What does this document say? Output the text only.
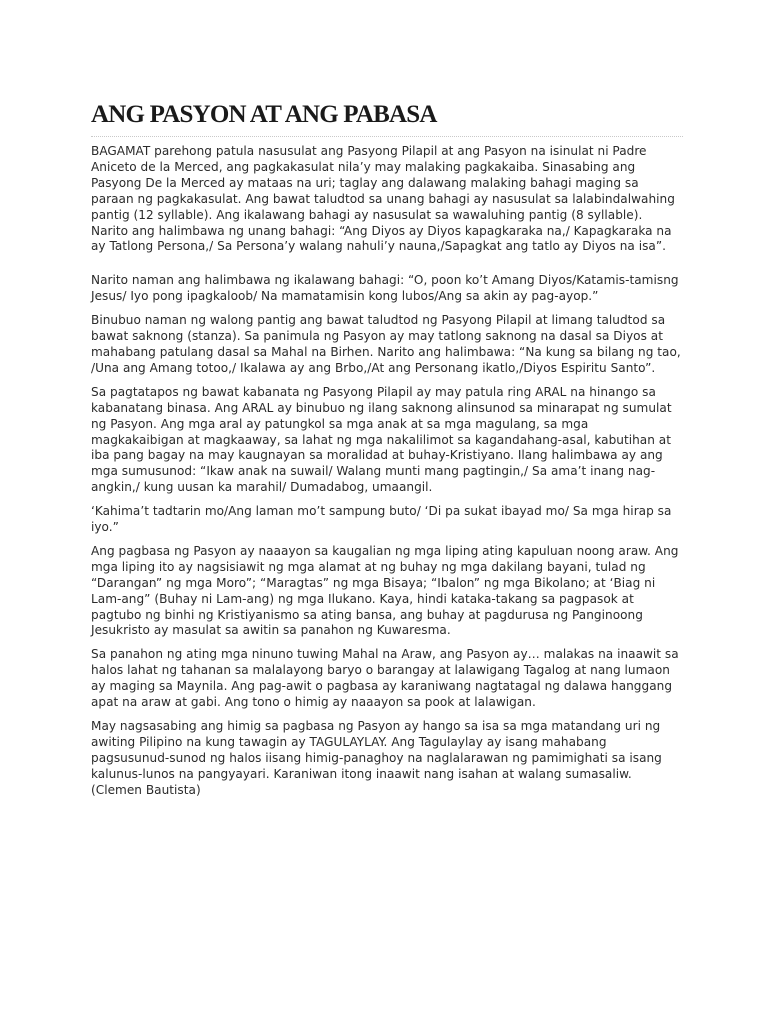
ANG PASYON AT ANG PABASA

BAGAMAT parehong patula nasusulat ang Pasyong Pilapil at ang Pasyon na isinulat ni Padre Aniceto de la Merced, ang pagkakasulat nila’y may malaking pagkakaiba. Sinasabing ang Pasyong De la Merced ay mataas na uri; taglay ang dalawang malaking bahagi maging sa paraan ng pagkakasulat. Ang bawat taludtod sa unang bahagi ay nasusulat sa lalabindalwahing pantig (12 syllable). Ang ikalawang bahagi ay nasusulat sa wawaluhing pantig (8 syllable). Narito ang halimbawa ng unang bahagi: “Ang Diyos ay Diyos kapagkaraka na,/ Kapagkaraka na ay Tatlong Persona,/ Sa Persona’y walang nahuli’y nauna,/Sapagkat ang tatlo ay Diyos na isa”.

Narito naman ang halimbawa ng ikalawang bahagi: “O, poon ko’t Amang Diyos/Katamis-tamisng Jesus/ Iyo pong ipagkaloob/ Na mamatamisin kong lubos/Ang sa akin ay pag-ayop.”

Binubuo naman ng walong pantig ang bawat taludtod ng Pasyong Pilapil at limang taludtod sa bawat saknong (stanza). Sa panimula ng Pasyon ay may tatlong saknong na dasal sa Diyos at mahabang patulang dasal sa Mahal na Birhen. Narito ang halimbawa: “Na kung sa bilang ng tao, /Una ang Amang totoo,/ Ikalawa ay ang Brbo,/At ang Personang ikatlo,/Diyos Espiritu Santo”.

Sa pagtatapos ng bawat kabanata ng Pasyong Pilapil ay may patula ring ARAL na hinango sa kabanatang binasa. Ang ARAL ay binubuo ng ilang saknong alinsunod sa minarapat ng sumulat ng Pasyon. Ang mga aral ay patungkol sa mga anak at sa mga magulang, sa mga magkakaibigan at magkaaway, sa lahat ng mga nakalilimot sa kagandahang-asal, kabutihan at iba pang bagay na may kaugnayan sa moralidad at buhay-Kristiyano. Ilang halimbawa ay ang mga sumusunod: “Ikaw anak na suwail/ Walang munti mang pagtingin,/ Sa ama’t inang nag-angkin,/ kung uusan ka marahil/ Dumadabog, umaangil.

‘Kahima’t tadtarin mo/Ang laman mo’t sampung buto/ ‘Di pa sukat ibayad mo/ Sa mga hirap sa iyo.”

Ang pagbasa ng Pasyon ay naaayon sa kaugalian ng mga liping ating kapuluan noong araw. Ang mga liping ito ay nagsisiawit ng mga alamat at ng buhay ng mga dakilang bayani, tulad ng “Darangan” ng mga Moro”; “Maragtas” ng mga Bisaya; “Ibalon” ng mga Bikolano; at ‘Biag ni Lam-ang” (Buhay ni Lam-ang) ng mga Ilukano. Kaya, hindi kataka-takang sa pagpasok at pagtubo ng binhi ng Kristiyanismo sa ating bansa, ang buhay at pagdurusa ng Panginoong Jesukristo ay masulat sa awitin sa panahon ng Kuwaresma.

Sa panahon ng ating mga ninuno tuwing Mahal na Araw, ang Pasyon ay… malakas na inaawit sa halos lahat ng tahanan sa malalayong baryo o barangay at lalawigang Tagalog at nang lumaon ay maging sa Maynila. Ang pag-awit o pagbasa ay karaniwang nagtatagal ng dalawa hanggang apat na araw at gabi. Ang tono o himig ay naaayon sa pook at lalawigan.

May nagsasabing ang himig sa pagbasa ng Pasyon ay hango sa isa sa mga matandang uri ng awiting Pilipino na kung tawagin ay TAGULAYLAY. Ang Tagulaylay ay isang mahabang pagsusunud-sunod ng halos iisang himig-panaghoy na naglalarawan ng pamimighati sa isang kalunus-lunos na pangyayari. Karaniwan itong inaawit nang isahan at walang sumasaliw. (Clemen Bautista)
